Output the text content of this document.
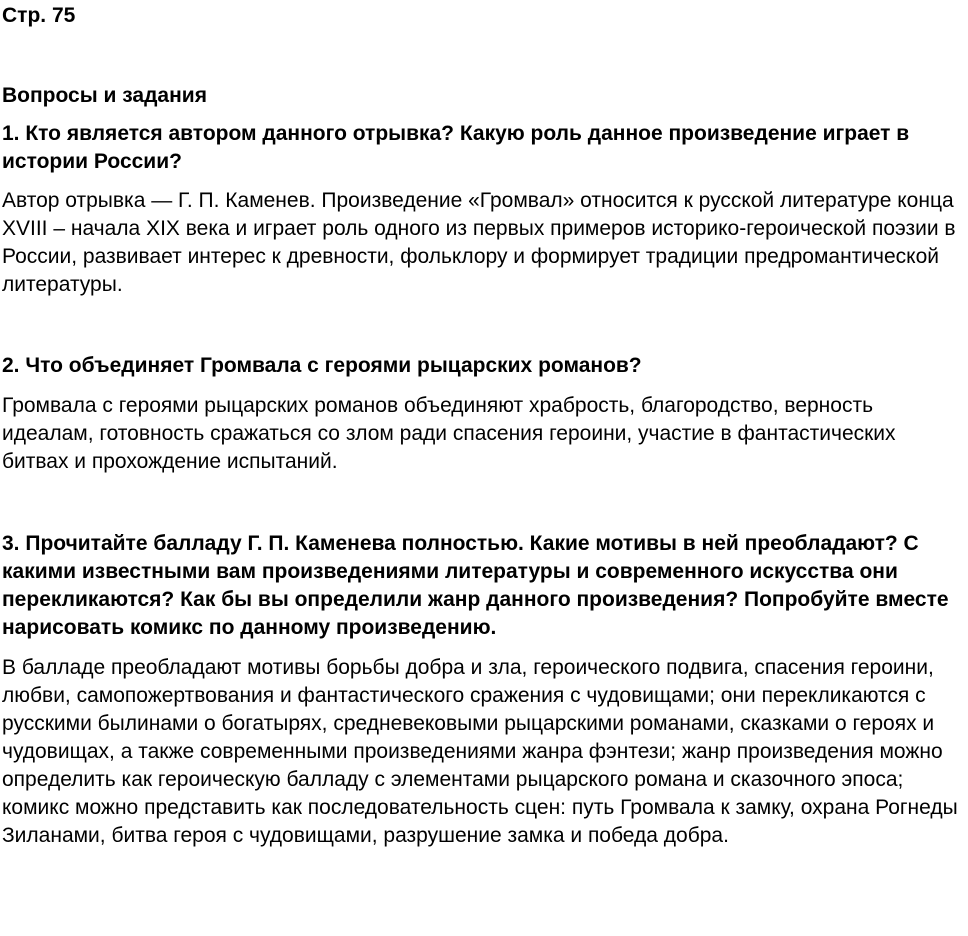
Стр. 75

Вопросы и задания

1. Кто является автором данного отрывка? Какую роль данное произведение играет в истории России?

Автор отрывка — Г. П. Каменев. Произведение «Громвал» относится к русской литературе конца XVIII – начала XIX века и играет роль одного из первых примеров историко-героической поэзии в России, развивает интерес к древности, фольклору и формирует традиции предромантической литературы.

2. Что объединяет Громвала с героями рыцарских романов?

Громвала с героями рыцарских романов объединяют храбрость, благородство, верность идеалам, готовность сражаться со злом ради спасения героини, участие в фантастических битвах и прохождение испытаний.

3. Прочитайте балладу Г. П. Каменева полностью. Какие мотивы в ней преобладают? С какими известными вам произведениями литературы и современного искусства они перекликаются? Как бы вы определили жанр данного произведения? Попробуйте вместе нарисовать комикс по данному произведению.

В балладе преобладают мотивы борьбы добра и зла, героического подвига, спасения героини, любви, самопожертвования и фантастического сражения с чудовищами; они перекликаются с русскими былинами о богатырях, средневековыми рыцарскими романами, сказками о героях и чудовищах, а также современными произведениями жанра фэнтези; жанр произведения можно определить как героическую балладу с элементами рыцарского романа и сказочного эпоса; комикс можно представить как последовательность сцен: путь Громвала к замку, охрана Рогнеды Зиланами, битва героя с чудовищами, разрушение замка и победа добра.
